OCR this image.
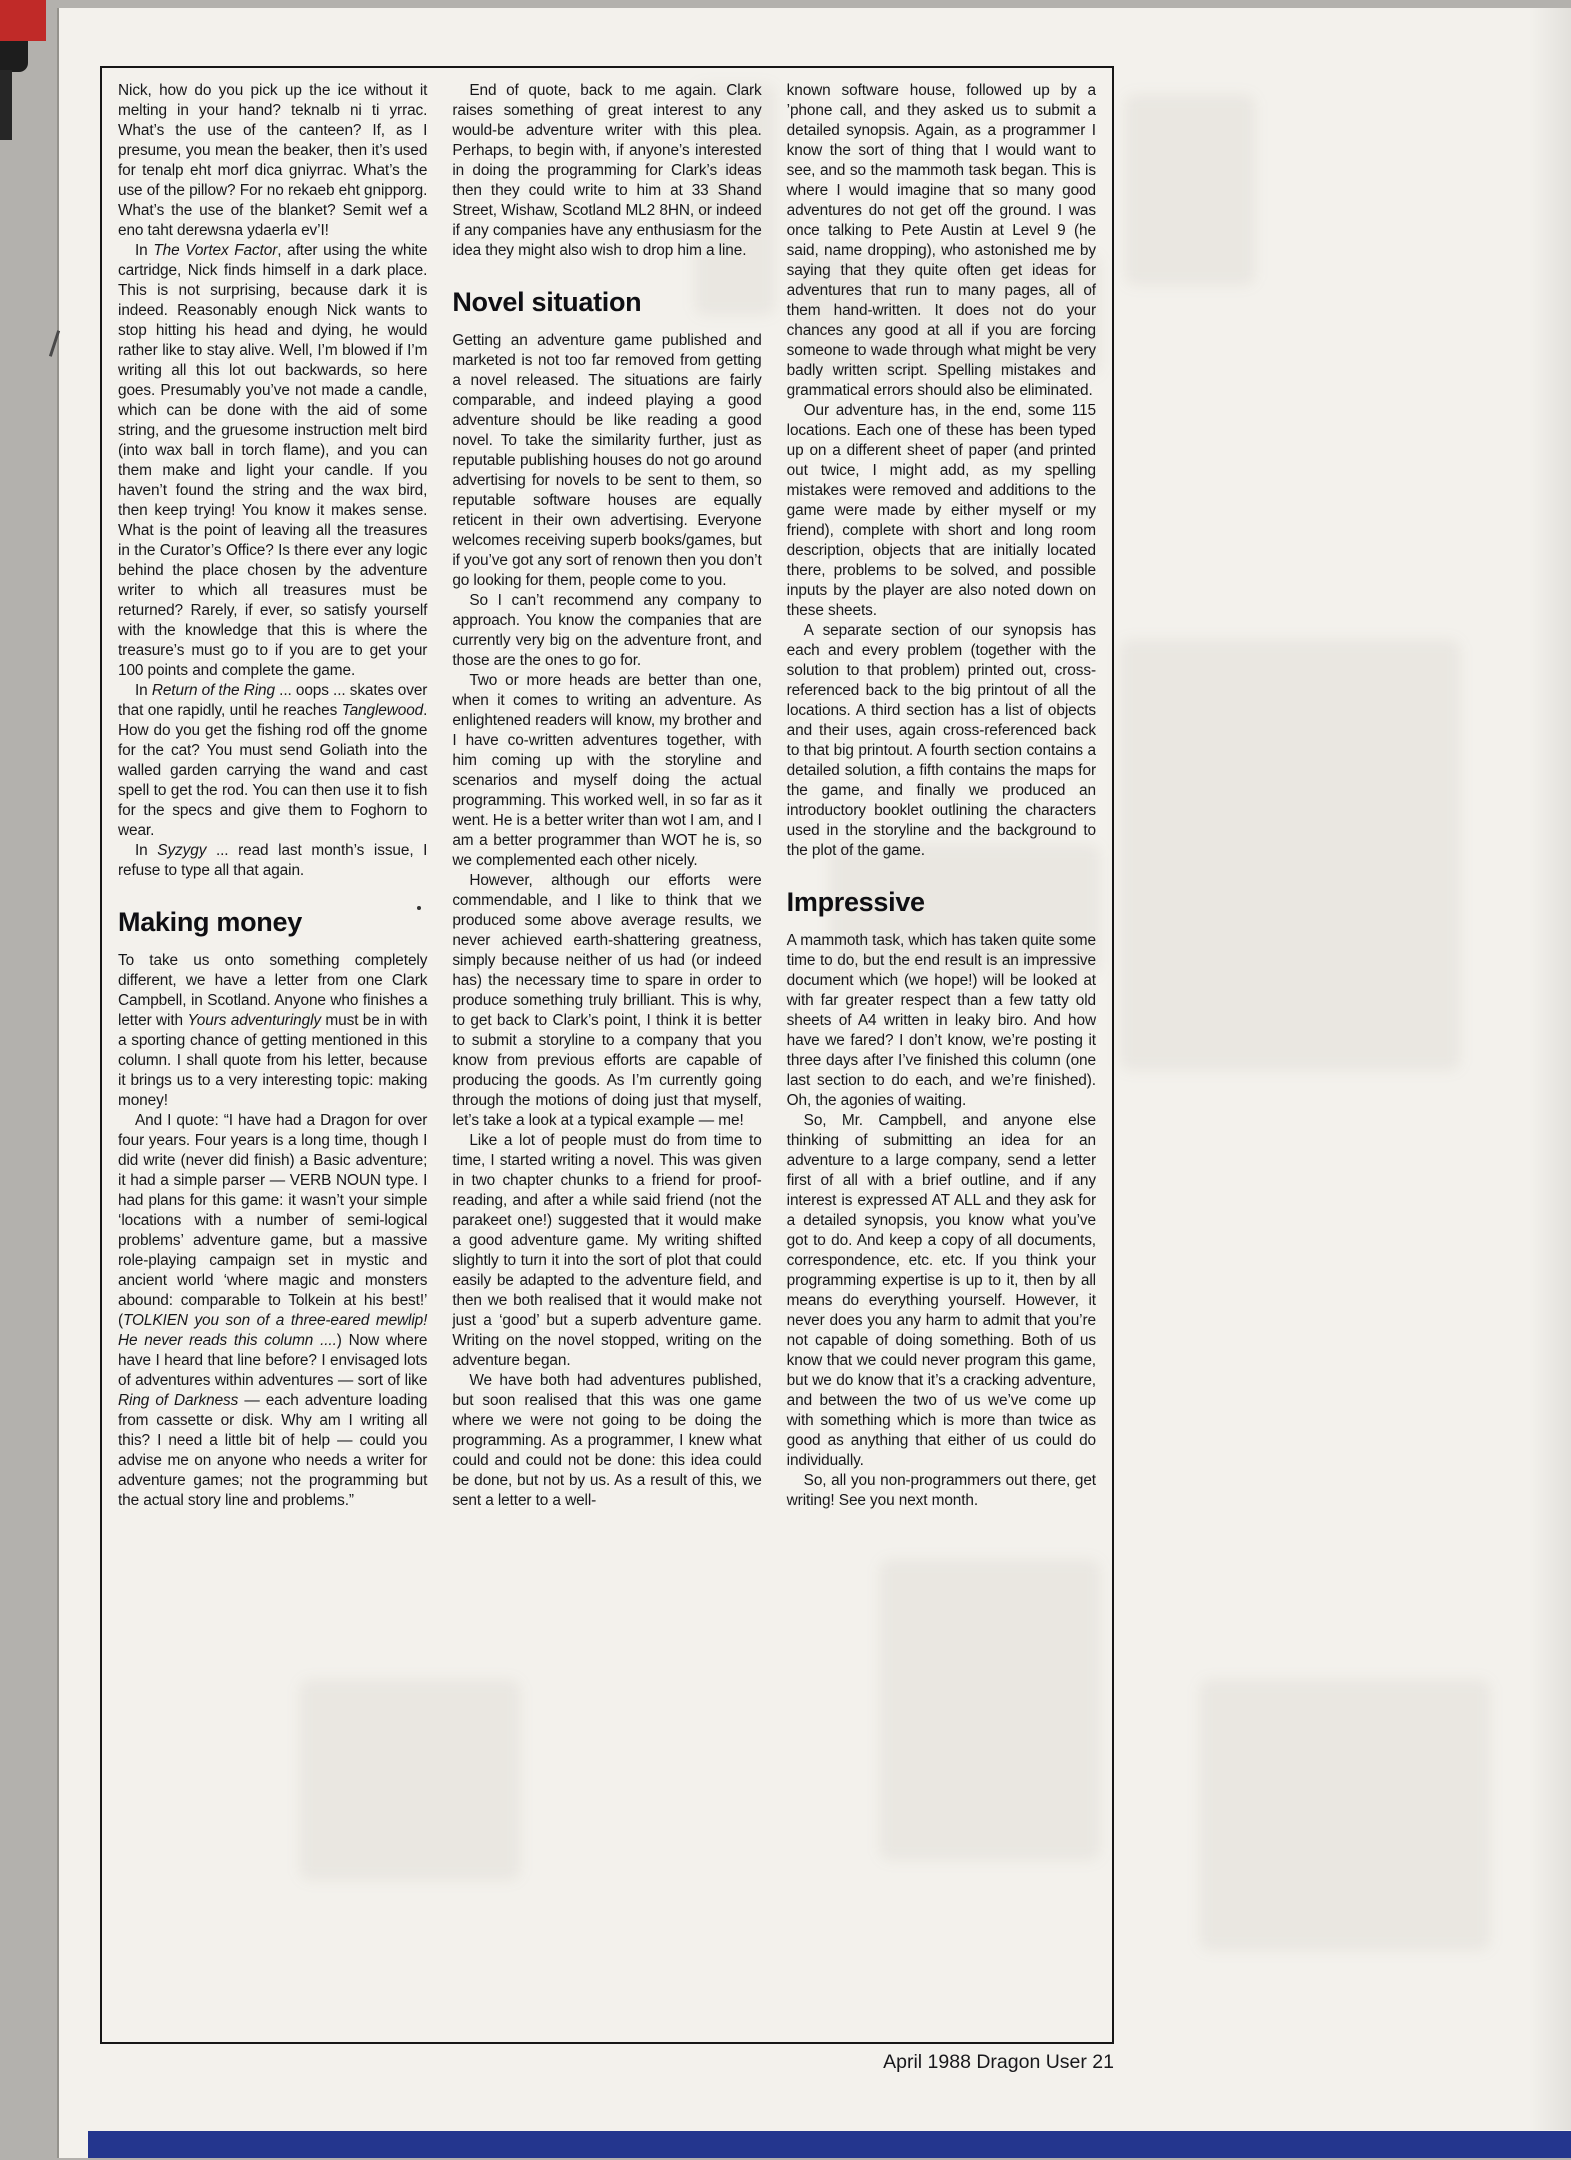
Nick, how do you pick up the ice without it melting in your hand? teknalb ni ti yrrac. What’s the use of the canteen? If, as I presume, you mean the beaker, then it’s used for tenalp eht morf dica gniyrrac. What’s the use of the pillow? For no rekaeb eht gnipporg. What’s the use of the blanket? Semit wef a eno taht derewsna ydaerla ev’I!

In The Vortex Factor, after using the white cartridge, Nick finds himself in a dark place. This is not surprising, because dark it is indeed. Reasonably enough Nick wants to stop hitting his head and dying, he would rather like to stay alive. Well, I’m blowed if I’m writing all this lot out backwards, so here goes. Presumably you’ve not made a candle, which can be done with the aid of some string, and the gruesome instruction melt bird (into wax ball in torch flame), and you can them make and light your candle. If you haven’t found the string and the wax bird, then keep trying! You know it makes sense. What is the point of leaving all the treasures in the Curator’s Office? Is there ever any logic behind the place chosen by the adventure writer to which all treasures must be returned? Rarely, if ever, so satisfy yourself with the knowledge that this is where the treasure’s must go to if you are to get your 100 points and complete the game.

In Return of the Ring ... oops ... skates over that one rapidly, until he reaches Tanglewood. How do you get the fishing rod off the gnome for the cat? You must send Goliath into the walled garden carrying the wand and cast spell to get the rod. You can then use it to fish for the specs and give them to Foghorn to wear.

In Syzygy ... read last month’s issue, I refuse to type all that again.

Making money

To take us onto something completely different, we have a letter from one Clark Campbell, in Scotland. Anyone who finishes a letter with Yours adventuringly must be in with a sporting chance of getting mentioned in this column. I shall quote from his letter, because it brings us to a very interesting topic: making money!

And I quote: “I have had a Dragon for over four years. Four years is a long time, though I did write (never did finish) a Basic adventure; it had a simple parser — VERB NOUN type. I had plans for this game: it wasn’t your simple ‘locations with a number of semi-logical problems’ adventure game, but a massive role-playing campaign set in mystic and ancient world ‘where magic and monsters abound: comparable to Tolkein at his best!’ (TOLKIEN you son of a three-eared mewlip! He never reads this column ....) Now where have I heard that line before? I envisaged lots of adventures within adventures — sort of like Ring of Darkness — each adventure loading from cassette or disk. Why am I writing all this? I need a little bit of help — could you advise me on anyone who needs a writer for adventure games; not the programming but the actual story line and problems.”

End of quote, back to me again. Clark raises something of great interest to any would-be adventure writer with this plea. Perhaps, to begin with, if anyone’s interested in doing the programming for Clark’s ideas then they could write to him at 33 Shand Street, Wishaw, Scotland ML2 8HN, or indeed if any companies have any enthusiasm for the idea they might also wish to drop him a line.

Novel situation

Getting an adventure game published and marketed is not too far removed from getting a novel released. The situations are fairly comparable, and indeed playing a good adventure should be like reading a good novel. To take the similarity further, just as reputable publishing houses do not go around advertising for novels to be sent to them, so reputable software houses are equally reticent in their own advertising. Everyone welcomes receiving superb books/games, but if you’ve got any sort of renown then you don’t go looking for them, people come to you.

So I can’t recommend any company to approach. You know the companies that are currently very big on the adventure front, and those are the ones to go for.

Two or more heads are better than one, when it comes to writing an adventure. As enlightened readers will know, my brother and I have co-written adventures together, with him coming up with the storyline and scenarios and myself doing the actual programming. This worked well, in so far as it went. He is a better writer than wot I am, and I am a better programmer than WOT he is, so we complemented each other nicely.

However, although our efforts were commendable, and I like to think that we produced some above average results, we never achieved earth-shattering greatness, simply because neither of us had (or indeed has) the necessary time to spare in order to produce something truly brilliant. This is why, to get back to Clark’s point, I think it is better to submit a storyline to a company that you know from previous efforts are capable of producing the goods. As I’m currently going through the motions of doing just that myself, let’s take a look at a typical example — me!

Like a lot of people must do from time to time, I started writing a novel. This was given in two chapter chunks to a friend for proof-reading, and after a while said friend (not the parakeet one!) suggested that it would make a good adventure game. My writing shifted slightly to turn it into the sort of plot that could easily be adapted to the adventure field, and then we both realised that it would make not just a ‘good’ but a superb adventure game. Writing on the novel stopped, writing on the adventure began.

We have both had adventures published, but soon realised that this was one game where we were not going to be doing the programming. As a programmer, I knew what could and could not be done: this idea could be done, but not by us. As a result of this, we sent a letter to a well-

known software house, followed up by a ’phone call, and they asked us to submit a detailed synopsis. Again, as a programmer I know the sort of thing that I would want to see, and so the mammoth task began. This is where I would imagine that so many good adventures do not get off the ground. I was once talking to Pete Austin at Level 9 (he said, name dropping), who astonished me by saying that they quite often get ideas for adventures that run to many pages, all of them hand-written. It does not do your chances any good at all if you are forcing someone to wade through what might be very badly written script. Spelling mistakes and grammatical errors should also be eliminated.

Our adventure has, in the end, some 115 locations. Each one of these has been typed up on a different sheet of paper (and printed out twice, I might add, as my spelling mistakes were removed and additions to the game were made by either myself or my friend), complete with short and long room description, objects that are initially located there, problems to be solved, and possible inputs by the player are also noted down on these sheets.

A separate section of our synopsis has each and every problem (together with the solution to that problem) printed out, cross-referenced back to the big printout of all the locations. A third section has a list of objects and their uses, again cross-referenced back to that big printout. A fourth section contains a detailed solution, a fifth contains the maps for the game, and finally we produced an introductory booklet outlining the characters used in the storyline and the background to the plot of the game.

Impressive

A mammoth task, which has taken quite some time to do, but the end result is an impressive document which (we hope!) will be looked at with far greater respect than a few tatty old sheets of A4 written in leaky biro. And how have we fared? I don’t know, we’re posting it three days after I’ve finished this column (one last section to do each, and we’re finished). Oh, the agonies of waiting.

So, Mr. Campbell, and anyone else thinking of submitting an idea for an adventure to a large company, send a letter first of all with a brief outline, and if any interest is expressed AT ALL and they ask for a detailed synopsis, you know what you’ve got to do. And keep a copy of all documents, correspondence, etc. etc. If you think your programming expertise is up to it, then by all means do everything yourself. However, it never does you any harm to admit that you’re not capable of doing something. Both of us know that we could never program this game, but we do know that it’s a cracking adventure, and between the two of us we’ve come up with something which is more than twice as good as anything that either of us could do individually.

So, all you non-programmers out there, get writing! See you next month.

April 1988 Dragon User 21
